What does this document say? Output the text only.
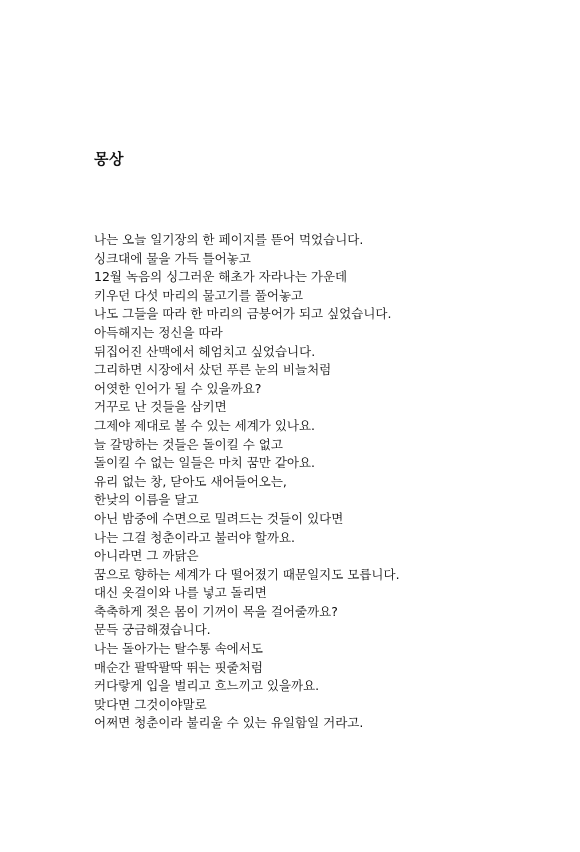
몽상
나는 오늘 일기장의 한 페이지를 뜯어 먹었습니다.
싱크대에 물을 가득 틀어놓고
12월 녹음의 싱그러운 해초가 자라나는 가운데
키우던 다섯 마리의 물고기를 풀어놓고
나도 그들을 따라 한 마리의 금붕어가 되고 싶었습니다.
아득해지는 정신을 따라
뒤집어진 산맥에서 헤엄치고 싶었습니다.
그리하면 시장에서 샀던 푸른 눈의 비늘처럼
어엿한 인어가 될 수 있을까요?
거꾸로 난 것들을 삼키면
그제야 제대로 볼 수 있는 세계가 있나요.
늘 갈망하는 것들은 돌이킬 수 없고
돌이킬 수 없는 일들은 마치 꿈만 같아요.
유리 없는 창, 닫아도 새어들어오는,
한낮의 이름을 달고
아닌 밤중에 수면으로 밀려드는 것들이 있다면
나는 그걸 청춘이라고 불러야 할까요.
아니라면 그 까닭은
꿈으로 향하는 세계가 다 떨어졌기 때문일지도 모릅니다.
대신 옷걸이와 나를 넣고 돌리면
축축하게 젖은 몸이 기꺼이 목을 걸어줄까요?
문득 궁금해졌습니다.
나는 돌아가는 탈수통 속에서도
매순간 팔딱팔딱 뛰는 핏줄처럼
커다랗게 입을 벌리고 흐느끼고 있을까요.
맞다면 그것이야말로
어쩌면 청춘이라 불리울 수 있는 유일함일 거라고.
